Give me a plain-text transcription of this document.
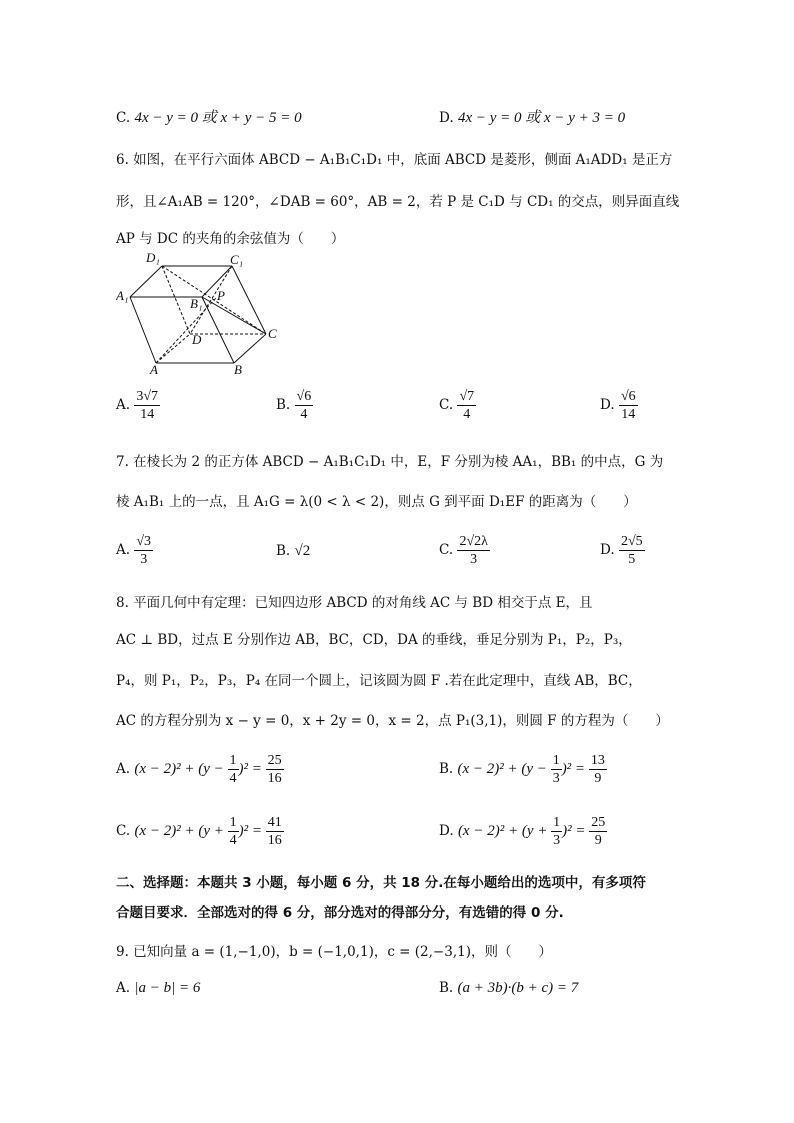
C. 4x − y = 0 或 x + y − 5 = 0	D. 4x − y = 0 或 x − y + 3 = 0
6. 如图，在平行六面体 ABCD − A₁B₁C₁D₁ 中，底面 ABCD 是菱形，侧面 A₁ADD₁ 是正方
形，且∠A₁AB = 120°，∠DAB = 60°，AB = 2，若 P 是 C₁D 与 CD₁ 的交点，则异面直线
AP 与 DC 的夹角的余弦值为（　　）
D₁	C₁
A₁
B₁
P
D	C
A	B
A. $\frac{3√7}{14}$	B. $\frac{√6}{4}$	C. $\frac{√7}{4}$	D. $\frac{√6}{14}$
7. 在棱长为 2 的正方体 ABCD − A₁B₁C₁D₁ 中，E，F 分别为棱 AA₁，BB₁ 的中点，G 为
棱 A₁B₁ 上的一点，且 A₁G = λ(0 < λ < 2)，则点 G 到平面 D₁EF 的距离为（　　）
A. $\frac{√3}{3}$	B. √2	C. $\frac{2√2\lambda}{3}$	D. $\frac{2√5}{5}$
8. 平面几何中有定理：已知四边形 ABCD 的对角线 AC 与 BD 相交于点 E，且
AC ⊥ BD，过点 E 分别作边 AB，BC，CD，DA 的垂线，垂足分别为 P₁，P₂，P₃，
P₄，则 P₁，P₂，P₃，P₄ 在同一个圆上，记该圆为圆 F .若在此定理中，直线 AB，BC，
AC 的方程分别为 x − y = 0，x + 2y = 0，x = 2，点 P₁(3,1)，则圆 F 的方程为（　　）
A. $(x - 2)^2 + (y - \frac{1}{4} )^2 = \frac{25}{16}$	B. $(x - 2)^2 + (y - \frac{1}{3} )^2 = \frac{13}{9}$
C. $(x - 2)^2 + (y + \frac{1}{4} )^2 = \frac{41}{16}$	D. $(x - 2)^2 + (y + \frac{1}{3} )^2 = \frac{25}{9}$
二、选择题：本题共 3 小题，每小题 6 分，共 18 分.在每小题给出的选项中，有多项符
合题目要求．全部选对的得 6 分，部分选对的得部分分，有选错的得 0 分.
9. 已知向量 a = (1,−1,0)，b = (−1,0,1)，c = (2,−3,1)，则（　　）
A. |a − b| = 6	B. (a + 3b)·(b + c) = 7
